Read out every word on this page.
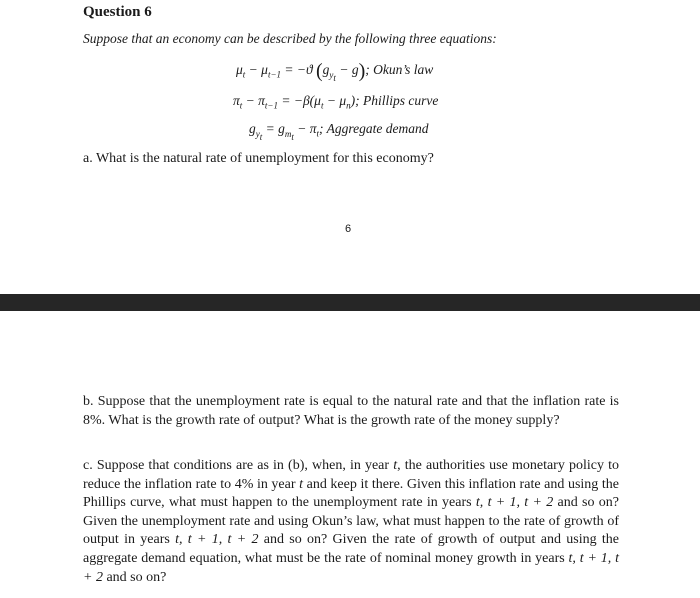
Question 6
Suppose that an economy can be described by the following three equations:
$\mu_t - \mu_{t-1} = -ϑ$ $(g_{y_t} - g)$; Okun’s law
$\pi_t - \pi_{t-1} = -\beta(\mu_t - \mu_n)$; Phillips curve
$g_{y_t} = g_{m_t} - \pi_t$; Aggregate demand
a. What is the natural rate of unemployment for this economy?
6
b. Suppose that the unemployment rate is equal to the natural rate and that the inflation rate is 8%. What is the growth rate of output? What is the growth rate of the money supply?
c. Suppose that conditions are as in (b), when, in year t, the authorities use monetary policy to reduce the inflation rate to 4% in year t and keep it there. Given this inflation rate and using the Phillips curve, what must happen to the unemployment rate in years t, t + 1, t + 2 and so on? Given the unemployment rate and using Okun’s law, what must happen to the rate of growth of output in years t, t + 1, t + 2 and so on? Given the rate of growth of output and using the aggregate demand equation, what must be the rate of nominal money growth in years t, t + 1, t + 2 and so on?
